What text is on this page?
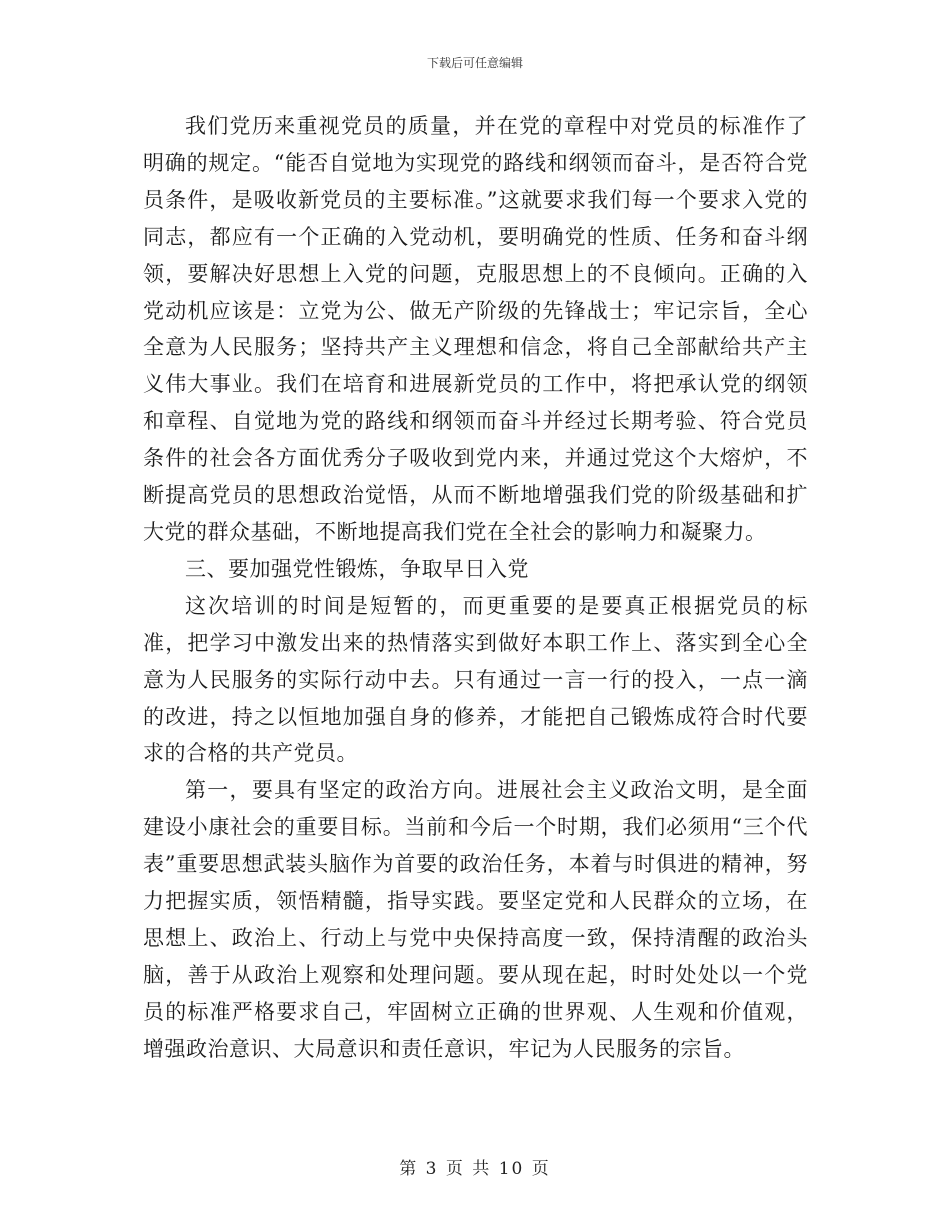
下载后可任意编辑

我们党历来重视党员的质量，并在党的章程中对党员的标准作了明确的规定。“能否自觉地为实现党的路线和纲领而奋斗，是否符合党员条件，是吸收新党员的主要标准。”这就要求我们每一个要求入党的同志，都应有一个正确的入党动机，要明确党的性质、任务和奋斗纲领，要解决好思想上入党的问题，克服思想上的不良倾向。正确的入党动机应该是：立党为公、做无产阶级的先锋战士；牢记宗旨，全心全意为人民服务；坚持共产主义理想和信念，将自己全部献给共产主义伟大事业。我们在培育和进展新党员的工作中，将把承认党的纲领和章程、自觉地为党的路线和纲领而奋斗并经过长期考验、符合党员条件的社会各方面优秀分子吸收到党内来，并通过党这个大熔炉，不断提高党员的思想政治觉悟，从而不断地增强我们党的阶级基础和扩大党的群众基础，不断地提高我们党在全社会的影响力和凝聚力。

三、要加强党性锻炼，争取早日入党

这次培训的时间是短暂的，而更重要的是要真正根据党员的标准，把学习中激发出来的热情落实到做好本职工作上、落实到全心全意为人民服务的实际行动中去。只有通过一言一行的投入，一点一滴的改进，持之以恒地加强自身的修养，才能把自己锻炼成符合时代要求的合格的共产党员。

第一，要具有坚定的政治方向。进展社会主义政治文明，是全面建设小康社会的重要目标。当前和今后一个时期，我们必须用“三个代表”重要思想武装头脑作为首要的政治任务，本着与时俱进的精神，努力把握实质，领悟精髓，指导实践。要坚定党和人民群众的立场，在思想上、政治上、行动上与党中央保持高度一致，保持清醒的政治头脑，善于从政治上观察和处理问题。要从现在起，时时处处以一个党员的标准严格要求自己，牢固树立正确的世界观、人生观和价值观，增强政治意识、大局意识和责任意识，牢记为人民服务的宗旨。

第 3 页 共 10 页
